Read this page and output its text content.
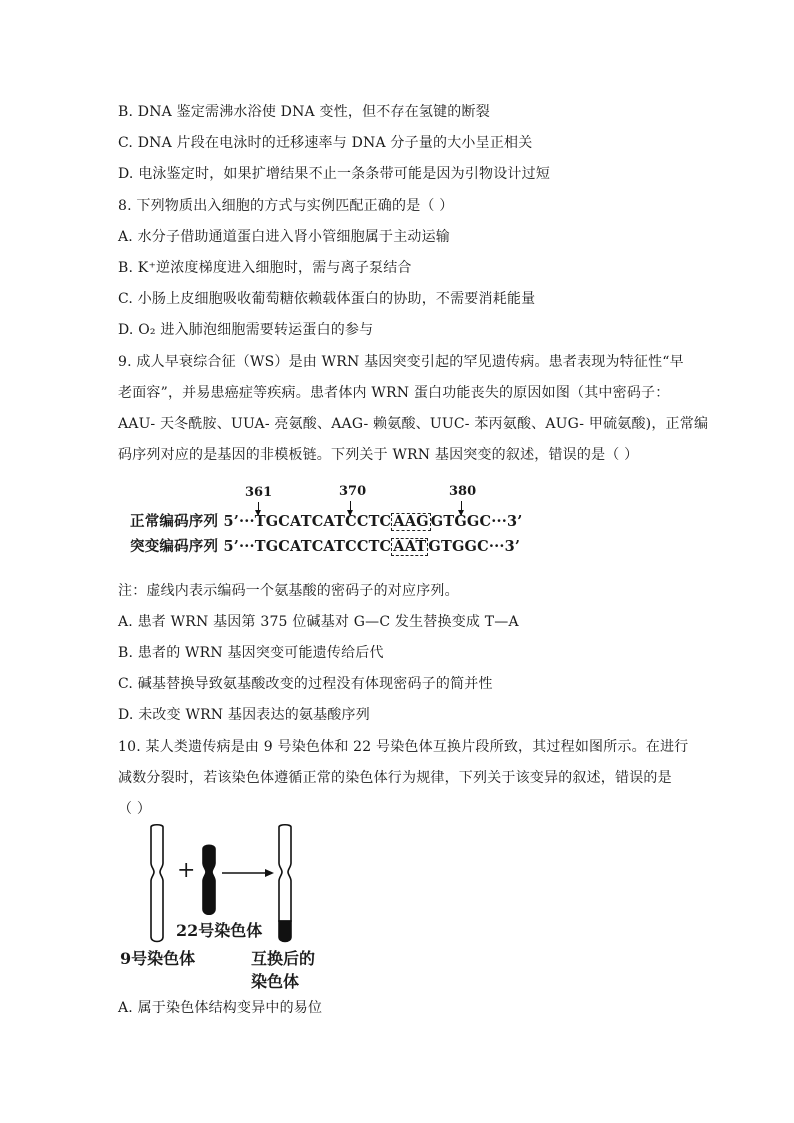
B. DNA 鉴定需沸水浴使 DNA 变性，但不存在氢键的断裂
C. DNA 片段在电泳时的迁移速率与 DNA 分子量的大小呈正相关
D. 电泳鉴定时，如果扩增结果不止一条条带可能是因为引物设计过短
8. 下列物质出入细胞的方式与实例匹配正确的是（ ）
A. 水分子借助通道蛋白进入肾小管细胞属于主动运输
B. K⁺逆浓度梯度进入细胞时，需与离子泵结合
C. 小肠上皮细胞吸收葡萄糖依赖载体蛋白的协助，不需要消耗能量
D. O₂ 进入肺泡细胞需要转运蛋白的参与
9. 成人早衰综合征（WS）是由 WRN 基因突变引起的罕见遗传病。患者表现为特征性“早
老面容”，并易患癌症等疾病。患者体内 WRN 蛋白功能丧失的原因如图（其中密码子：
AAU- 天冬酰胺、UUA- 亮氨酸、AAG- 赖氨酸、UUC- 苯丙氨酸、AUG- 甲硫氨酸)，正常编
码序列对应的是基因的非模板链。下列关于 WRN 基因突变的叙述，错误的是（ ）
361	370	380
正常编码序列 5’···TGCATCATCCTC AAG GTGGC···3’
突变编码序列 5’···TGCATCATCCTC AAT GTGGC···3’
注：虚线内表示编码一个氨基酸的密码子的对应序列。
A. 患者 WRN 基因第 375 位碱基对 G—C 发生替换变成 T—A
B. 患者的 WRN 基因突变可能遗传给后代
C. 碱基替换导致氨基酸改变的过程没有体现密码子的简并性
D. 未改变 WRN 基因表达的氨基酸序列
10. 某人类遗传病是由 9 号染色体和 22 号染色体互换片段所致，其过程如图所示。在进行
减数分裂时，若该染色体遵循正常的染色体行为规律，下列关于该变异的叙述，错误的是
（ ）
+
22号染色体
9号染色体	互换后的
染色体
A. 属于染色体结构变异中的易位
